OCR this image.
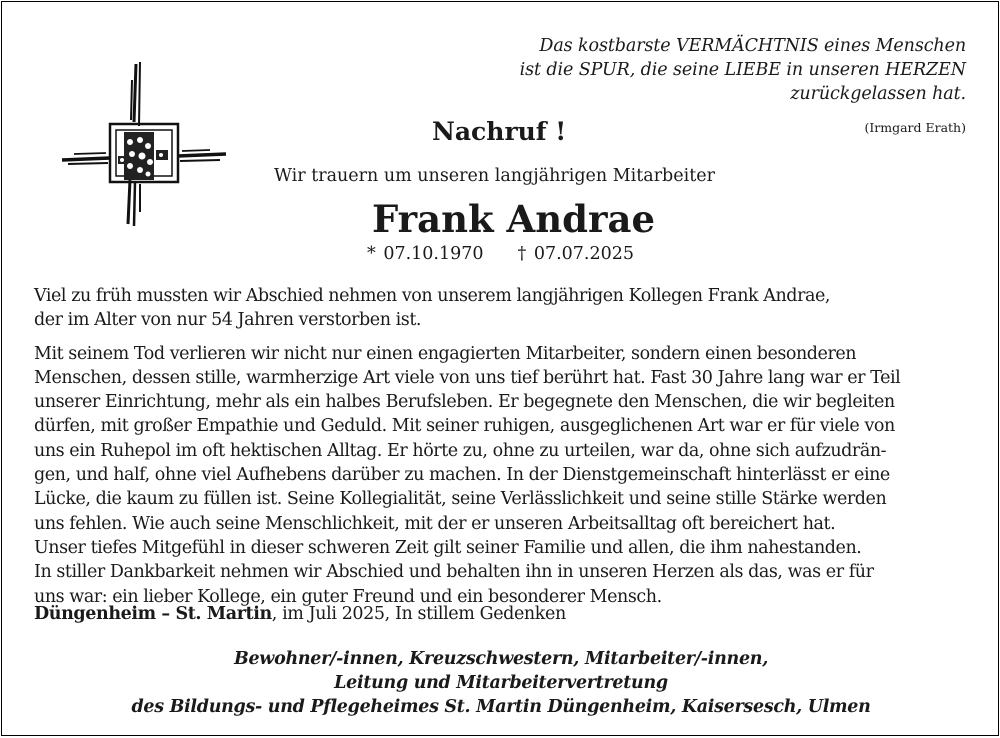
Das kostbarste VERMÄCHTNIS eines Menschen
ist die SPUR, die seine LIEBE in unseren HERZEN
zurückgelassen hat.
(Irmgard Erath)
Nachruf !
Wir trauern um unseren langjährigen Mitarbeiter
Frank Andrae
* 07.10.1970 † 07.07.2025

Viel zu früh mussten wir Abschied nehmen von unserem langjährigen Kollegen Frank Andrae,
der im Alter von nur 54 Jahren verstorben ist.

Mit seinem Tod verlieren wir nicht nur einen engagierten Mitarbeiter, sondern einen besonderen
Menschen, dessen stille, warmherzige Art viele von uns tief berührt hat. Fast 30 Jahre lang war er Teil
unserer Einrichtung, mehr als ein halbes Berufsleben. Er begegnete den Menschen, die wir begleiten
dürfen, mit großer Empathie und Geduld. Mit seiner ruhigen, ausgeglichenen Art war er für viele von
uns ein Ruhepol im oft hektischen Alltag. Er hörte zu, ohne zu urteilen, war da, ohne sich aufzudrän-
gen, und half, ohne viel Aufhebens darüber zu machen. In der Dienstgemeinschaft hinterlässt er eine
Lücke, die kaum zu füllen ist. Seine Kollegialität, seine Verlässlichkeit und seine stille Stärke werden
uns fehlen. Wie auch seine Menschlichkeit, mit der er unseren Arbeitsalltag oft bereichert hat.
Unser tiefes Mitgefühl in dieser schweren Zeit gilt seiner Familie und allen, die ihm nahestanden.
In stiller Dankbarkeit nehmen wir Abschied und behalten ihn in unseren Herzen als das, was er für
uns war: ein lieber Kollege, ein guter Freund und ein besonderer Mensch.

Düngenheim – St. Martin, im Juli 2025, In stillem Gedenken
Bewohner/-innen, Kreuzschwestern, Mitarbeiter/-innen,
Leitung und Mitarbeitervertretung
des Bildungs- und Pflegeheimes St. Martin Düngenheim, Kaisersesch, Ulmen
